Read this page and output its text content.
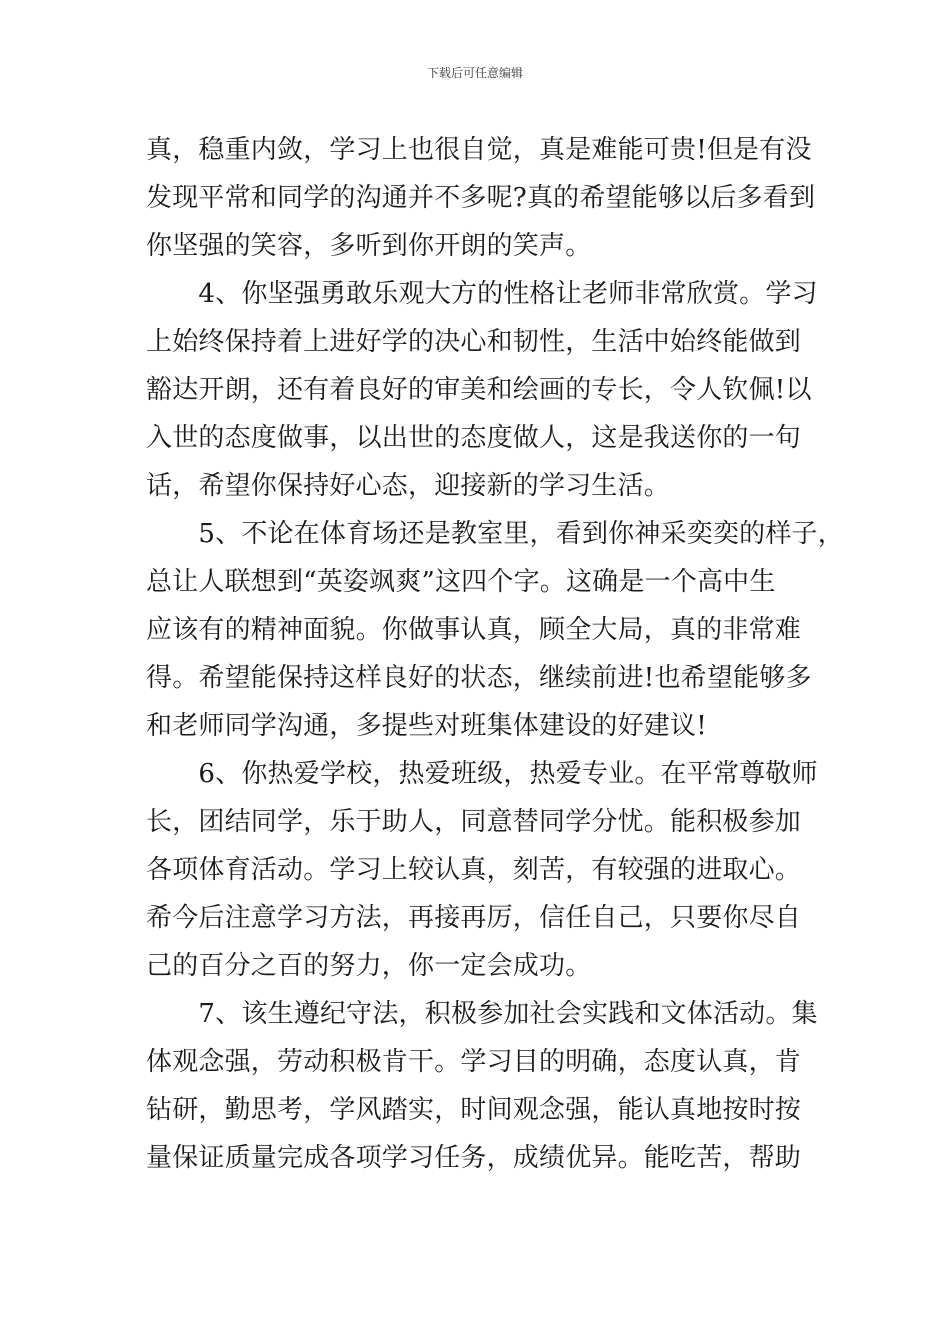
下载后可任意编辑
真，稳重内敛，学习上也很自觉，真是难能可贵!但是有没
发现平常和同学的沟通并不多呢?真的希望能够以后多看到
你坚强的笑容，多听到你开朗的笑声。
　　4、你坚强勇敢乐观大方的性格让老师非常欣赏。学习
上始终保持着上进好学的决心和韧性，生活中始终能做到
豁达开朗，还有着良好的审美和绘画的专长，令人钦佩!以
入世的态度做事，以出世的态度做人，这是我送你的一句
话，希望你保持好心态，迎接新的学习生活。
　　5、不论在体育场还是教室里，看到你神采奕奕的样子，
总让人联想到“英姿飒爽”这四个字。这确是一个高中生
应该有的精神面貌。你做事认真，顾全大局，真的非常难
得。希望能保持这样良好的状态，继续前进!也希望能够多
和老师同学沟通，多提些对班集体建设的好建议!
　　6、你热爱学校，热爱班级，热爱专业。在平常尊敬师
长，团结同学，乐于助人，同意替同学分忧。能积极参加
各项体育活动。学习上较认真，刻苦，有较强的进取心。
希今后注意学习方法，再接再厉，信任自己，只要你尽自
己的百分之百的努力，你一定会成功。
　　7、该生遵纪守法，积极参加社会实践和文体活动。集
体观念强，劳动积极肯干。学习目的明确，态度认真，肯
钻研，勤思考，学风踏实，时间观念强，能认真地按时按
量保证质量完成各项学习任务，成绩优异。能吃苦，帮助
